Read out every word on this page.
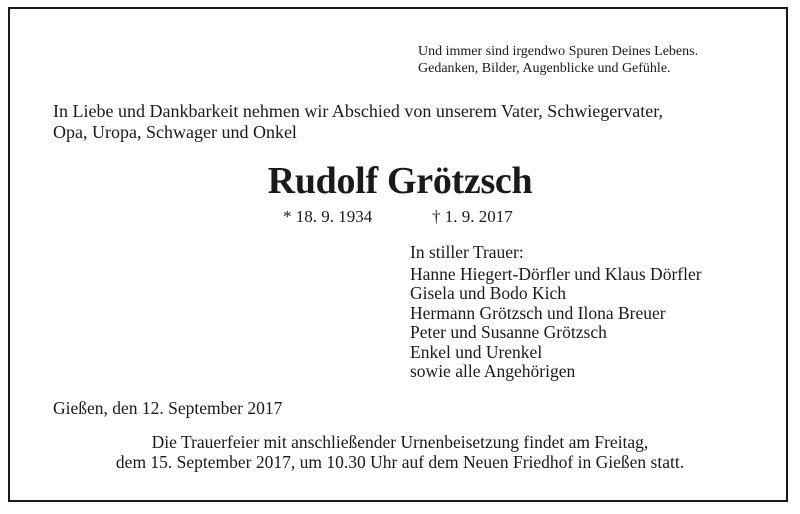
Und immer sind irgendwo Spuren Deines Lebens.
Gedanken, Bilder, Augenblicke und Gefühle.
In Liebe und Dankbarkeit nehmen wir Abschied von unserem Vater, Schwiegervater,
Opa, Uropa, Schwager und Onkel
Rudolf Grötzsch
* 18. 9. 1934	† 1. 9. 2017
In stiller Trauer:
Hanne Hiegert-Dörfler und Klaus Dörfler
Gisela und Bodo Kich
Hermann Grötzsch und Ilona Breuer
Peter und Susanne Grötzsch
Enkel und Urenkel
sowie alle Angehörigen
Gießen, den 12. September 2017
Die Trauerfeier mit anschließender Urnenbeisetzung findet am Freitag,
dem 15. September 2017, um 10.30 Uhr auf dem Neuen Friedhof in Gießen statt.
